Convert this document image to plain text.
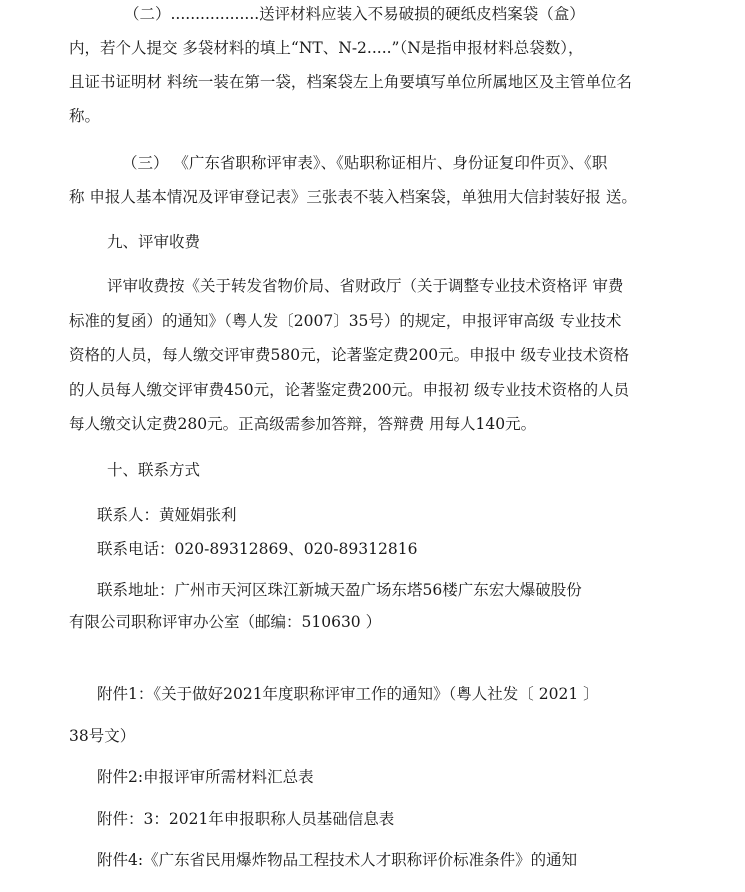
（二）..................送评材料应装入不易破损的硬纸皮档案袋（盒）
内，若个人提交 多袋材料的填上“NT、N-2.....”（N是指申报材料总袋数），
且证书证明材 料统一装在第一袋，档案袋左上角要填写单位所属地区及主管单位名
称。
（三） 《广东省职称评审表》、《贴职称证相片、身份证复印件页》、《职
称 申报人基本情况及评审登记表》三张表不装入档案袋，单独用大信封装好报 送。
九、评审收费
评审收费按《关于转发省物价局、省财政厅（关于调整专业技术资格评 审费
标准的复函）的通知》（粤人发〔2007〕35号）的规定，申报评审高级 专业技术
资格的人员，每人缴交评审费580元，论著鉴定费200元。申报中 级专业技术资格
的人员每人缴交评审费450元，论著鉴定费200元。申报初 级专业技术资格的人员
每人缴交认定费280元。正高级需参加答辩，答辩费 用每人140元。
十、联系方式
联系人：黄娅娟张利
联系电话：020-89312869、020-89312816
联系地址：广州市天河区珠江新城天盈广场东塔56楼广东宏大爆破股份
有限公司职称评审办公室（邮编：510630 ）
附件1：《关于做好2021年度职称评审工作的通知》（粤人社发〔 2021 〕
38号文）
附件2:申报评审所需材料汇总表
附件：3：2021年申报职称人员基础信息表
附件4:《广东省民用爆炸物品工程技术人才职称评价标准条件》的通知
